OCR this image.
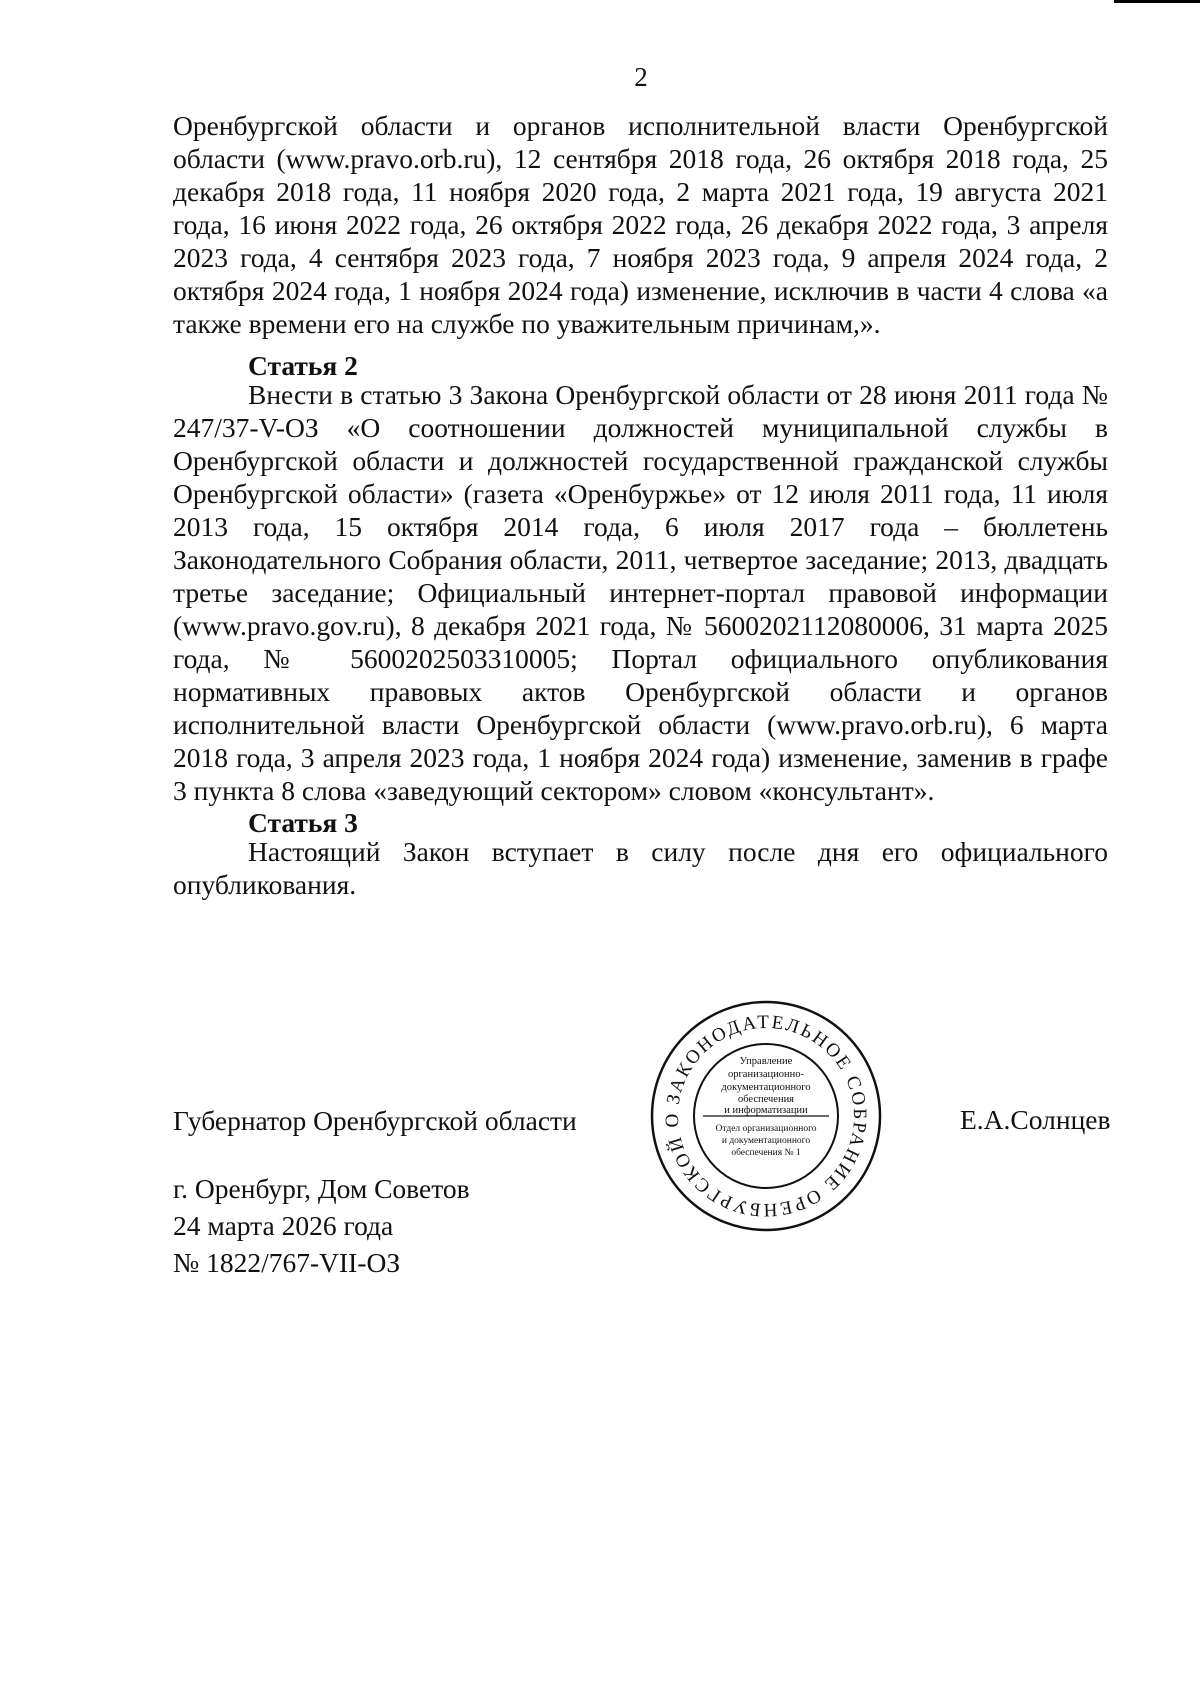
2

Оренбургской области и органов исполнительной власти Оренбургской области (www.pravo.orb.ru), 12 сентября 2018 года, 26 октября 2018 года, 25 декабря 2018 года, 11 ноября 2020 года, 2 марта 2021 года, 19 августа 2021 года, 16 июня 2022 года, 26 октября 2022 года, 26 декабря 2022 года, 3 апреля 2023 года, 4 сентября 2023 года, 7 ноября 2023 года, 9 апреля 2024 года, 2 октября 2024 года, 1 ноября 2024 года) изменение, исключив в части 4 слова «а также времени его на службе по уважительным причинам,».

Статья 2

Внести в статью 3 Закона Оренбургской области от 28 июня 2011 года № 247/37-V-ОЗ «О соотношении должностей муниципальной службы в Оренбургской области и должностей государственной гражданской службы Оренбургской области» (газета «Оренбуржье» от 12 июля 2011 года, 11 июля 2013 года, 15 октября 2014 года, 6 июля 2017 года – бюллетень Законодательного Собрания области, 2011, четвертое заседание; 2013, двадцать третье заседание; Официальный интернет-портал правовой информации (www.pravo.gov.ru), 8 декабря 2021 года, № 5600202112080006, 31 марта 2025 года, № 5600202503310005; Портал официального опубликования нормативных правовых актов Оренбургской области и органов исполнительной власти Оренбургской области (www.pravo.orb.ru), 6 марта 2018 года, 3 апреля 2023 года, 1 ноября 2024 года) изменение, заменив в графе 3 пункта 8 слова «заведующий сектором» словом «консультант».

Статья 3

Настоящий Закон вступает в силу после дня его официального опубликования.

Губернатор Оренбургской области	Е.А.Солнцев
г. Оренбург, Дом Советов
24 марта 2026 года
№ 1822/767-VII-ОЗ
ЗАКОНОДАТЕЛЬНОЕ СОБРАНИЕ ОРЕНБУРГСКОЙ ОБЛАСТИ
Управление
организационно-
документационного
обеспечения
и информатизации
Отдел организационного
и документационного
обеспечения № 1
